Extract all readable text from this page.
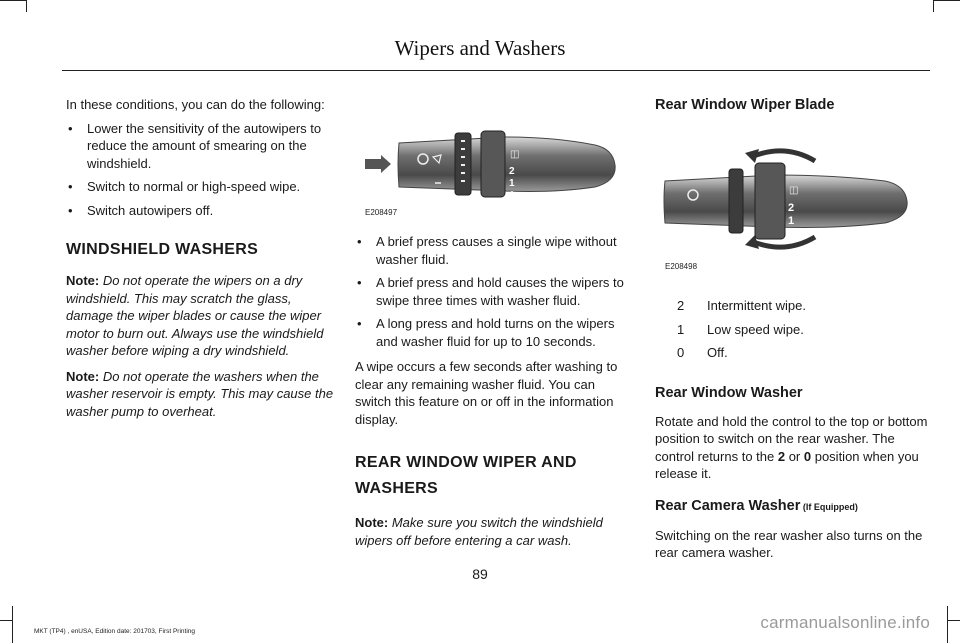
Wipers and Washers

In these conditions, you can do the following:

• Lower the sensitivity of the autowipers to reduce the amount of smearing on the windshield.
• Switch to normal or high-speed wipe.
• Switch autowipers off.
WINDSHIELD WASHERS

Note: Do not operate the wipers on a dry windshield. This may scratch the glass, damage the wiper blades or cause the wiper motor to burn out. Always use the windshield washer before wiping a dry windshield.

Note: Do not operate the washers when the washer reservoir is empty. This may cause the washer pump to overheat.

◫
2
1
0
E208497
• A brief press causes a single wipe without washer fluid.
• A brief press and hold causes the wipers to swipe three times with washer fluid.
• A long press and hold turns on the wipers and washer fluid for up to 10 seconds.

A wipe occurs a few seconds after washing to clear any remaining washer fluid. You can switch this feature on or off in the information display.

REAR WINDOW WIPER AND
WASHERS

Note: Make sure you switch the windshield wipers off before entering a car wash.

Rear Window Wiper Blade
◫
2
1
0
E208498
2	Intermittent wipe.
1	Low speed wipe.
0	Off.
Rear Window Washer

Rotate and hold the control to the top or bottom position to switch on the rear washer. The control returns to the 2 or 0 position when you release it.

Rear Camera Washer (If Equipped)

Switching on the rear washer also turns on the rear camera washer.

89
MKT (TP4) , enUSA, Edition date: 201703, First Printing	carmanualsonline.info
